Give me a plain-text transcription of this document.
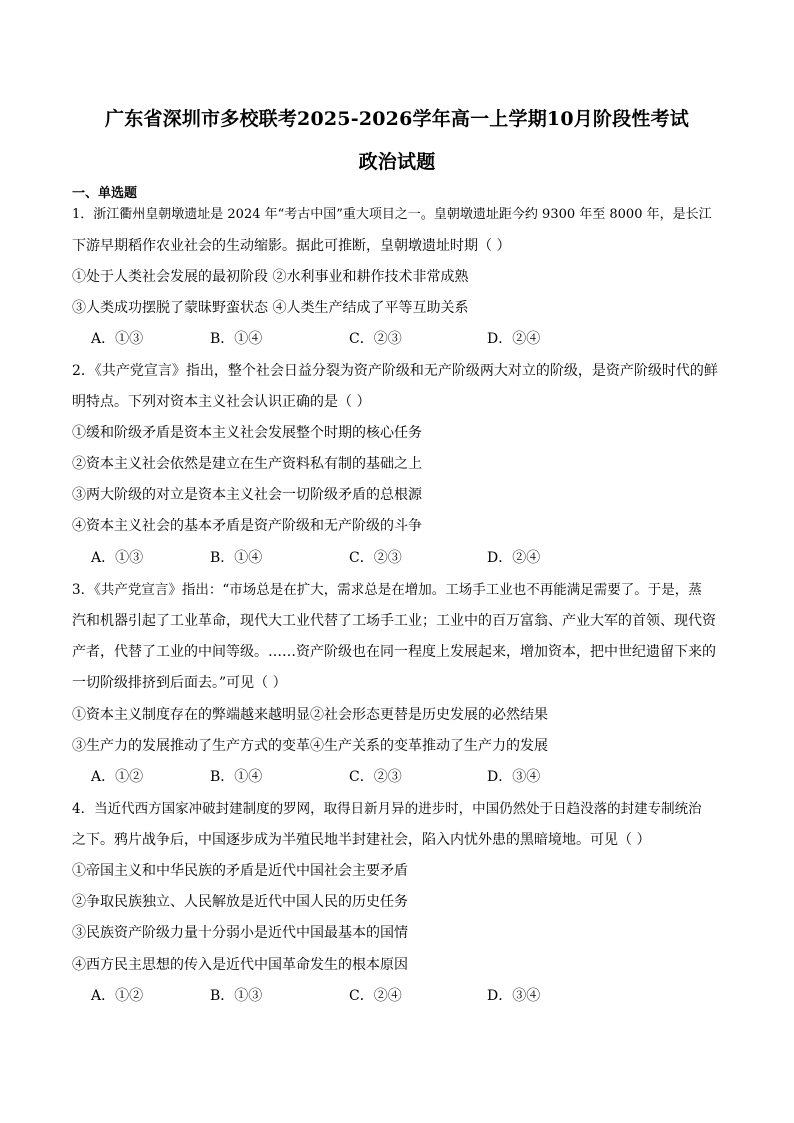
广东省深圳市多校联考2025-2026学年高一上学期10月阶段性考试
政治试题
一、单选题
1．浙江衢州皇朝墩遗址是 2024 年“考古中国”重大项目之一。皇朝墩遗址距今约 9300 年至 8000 年，是长江
下游早期稻作农业社会的生动缩影。据此可推断，皇朝墩遗址时期（ ）
①处于人类社会发展的最初阶段 ②水利事业和耕作技术非常成熟
③人类成功摆脱了蒙昧野蛮状态 ④人类生产结成了平等互助关系
A．①③	B．①④	C．②③	D．②④
2．《共产党宣言》指出，整个社会日益分裂为资产阶级和无产阶级两大对立的阶级，是资产阶级时代的鲜
明特点。下列对资本主义社会认识正确的是（ ）
①缓和阶级矛盾是资本主义社会发展整个时期的核心任务
②资本主义社会依然是建立在生产资料私有制的基础之上
③两大阶级的对立是资本主义社会一切阶级矛盾的总根源
④资本主义社会的基本矛盾是资产阶级和无产阶级的斗争
A．①③	B．①④	C．②③	D．②④
3．《共产党宣言》指出：“市场总是在扩大，需求总是在增加。工场手工业也不再能满足需要了。于是，蒸
汽和机器引起了工业革命，现代大工业代替了工场手工业；工业中的百万富翁、产业大军的首领、现代资
产者，代替了工业的中间等级。……资产阶级也在同一程度上发展起来，增加资本，把中世纪遗留下来的
一切阶级排挤到后面去。”可见（ ）
①资本主义制度存在的弊端越来越明显②社会形态更替是历史发展的必然结果
③生产力的发展推动了生产方式的变革④生产关系的变革推动了生产力的发展
A．①②	B．①④	C．②③	D．③④
4．当近代西方国家冲破封建制度的罗网，取得日新月异的进步时，中国仍然处于日趋没落的封建专制统治
之下。鸦片战争后，中国逐步成为半殖民地半封建社会，陷入内忧外患的黑暗境地。可见（ ）
①帝国主义和中华民族的矛盾是近代中国社会主要矛盾
②争取民族独立、人民解放是近代中国人民的历史任务
③民族资产阶级力量十分弱小是近代中国最基本的国情
④西方民主思想的传入是近代中国革命发生的根本原因
A．①②	B．①③	C．②④	D．③④
